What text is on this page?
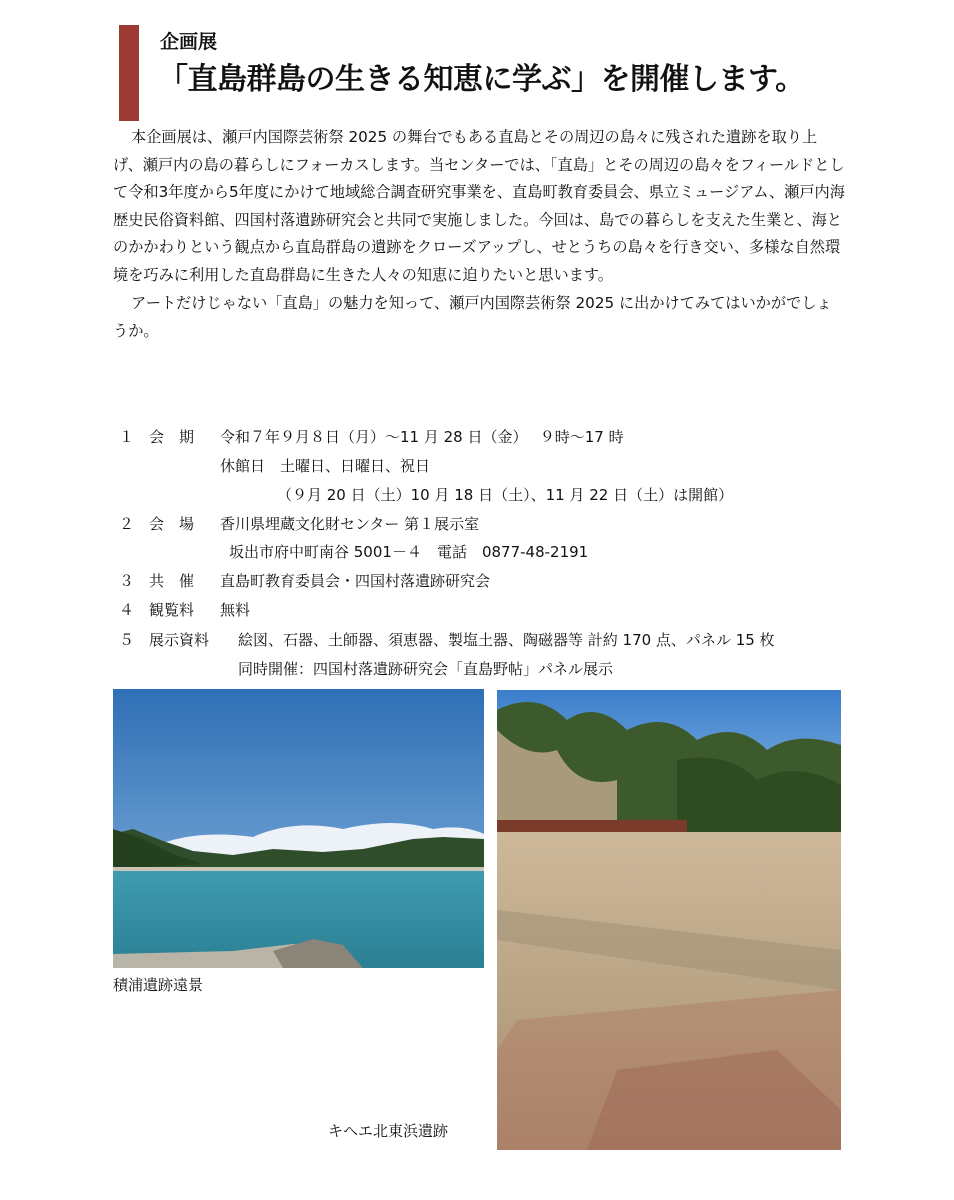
企画展
「直島群島の生きる知恵に学ぶ」を開催します。

本企画展は、瀬戸内国際芸術祭 2025 の舞台でもある直島とその周辺の島々に残された遺跡を取り上げ、瀬戸内の島の暮らしにフォーカスします。当センターでは、「直島」とその周辺の島々をフィールドとして令和3年度から5年度にかけて地域総合調査研究事業を、直島町教育委員会、県立ミュージアム、瀬戸内海歴史民俗資料館、四国村落遺跡研究会と共同で実施しました。今回は、島での暮らしを支えた生業と、海とのかかわりという観点から直島群島の遺跡をクローズアップし、せとうちの島々を行き交い、多様な自然環境を巧みに利用した直島群島に生きた人々の知恵に迫りたいと思います。

アートだけじゃない「直島」の魅力を知って、瀬戸内国際芸術祭 2025 に出かけてみてはいかがでしょうか。

１ 会　期 令和７年９月８日（月）～11 月 28 日（金）　 ９時～17 時
休館日　土曜日、日曜日、祝日
（９月 20 日（土）10 月 18 日（土）、11 月 22 日（土）は開館）
２ 会　場 香川県埋蔵文化財センター 第１展示室
坂出市府中町南谷 5001－４　電話　0877-48-2191
３ 共　催 直島町教育委員会・四国村落遺跡研究会
４ 観覧料 無料
５ 展示資料 絵図、石器、土師器、須恵器、製塩土器、陶磁器等 計約 170 点、パネル 15 枚
同時開催：四国村落遺跡研究会「直島野帖」パネル展示
積浦遺跡遠景
キヘエ北東浜遺跡
